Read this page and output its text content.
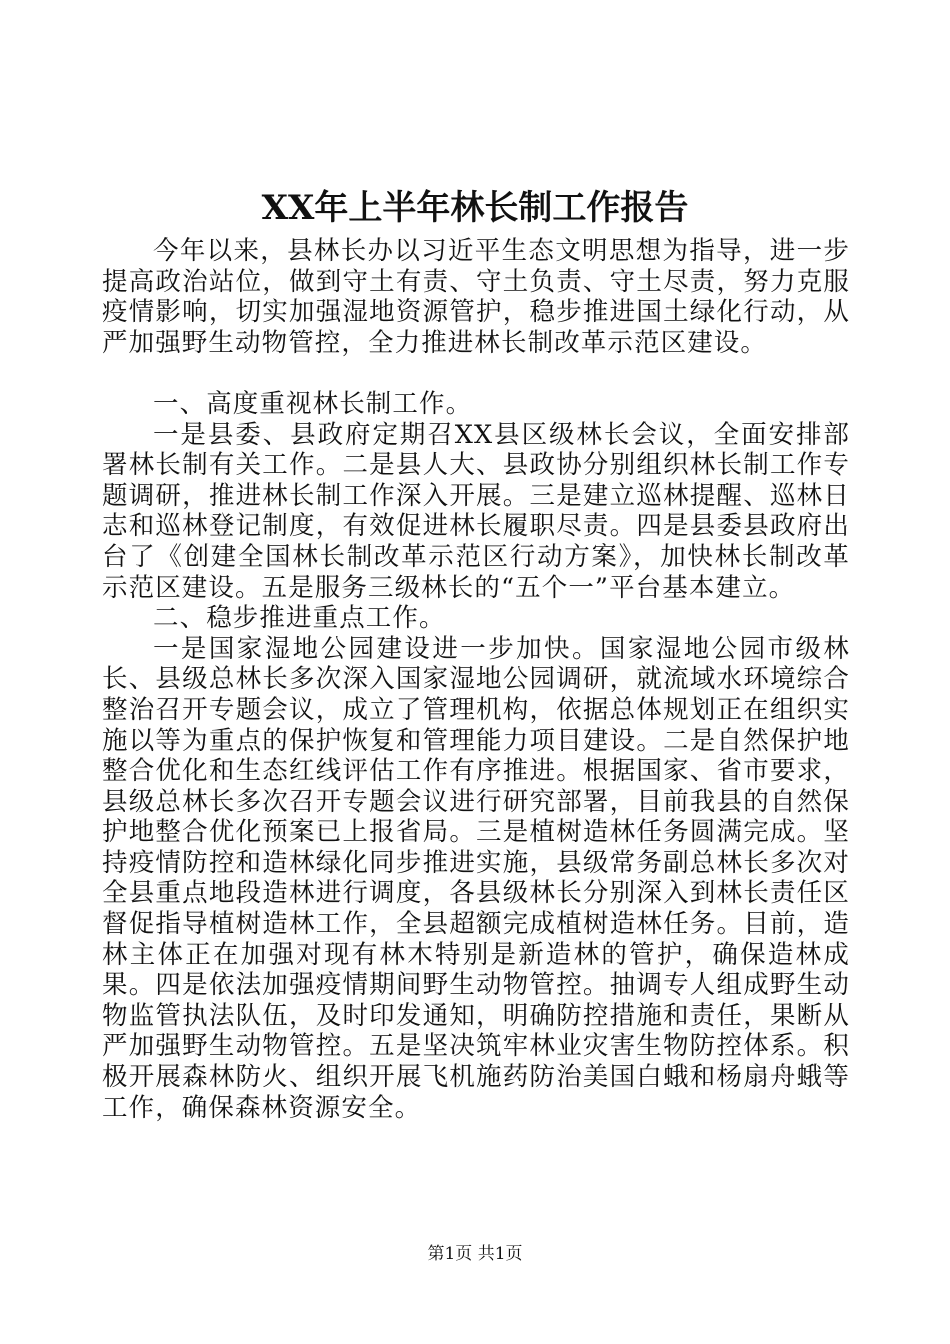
XX年上半年林长制工作报告

今年以来，县林长办以习近平生态文明思想为指导，进一步提高政治站位，做到守土有责、守土负责、守土尽责，努力克服疫情影响，切实加强湿地资源管护，稳步推进国土绿化行动，从严加强野生动物管控，全力推进林长制改革示范区建设。

一、高度重视林长制工作。

一是县委、县政府定期召XX县区级林长会议，全面安排部署林长制有关工作。二是县人大、县政协分别组织林长制工作专题调研，推进林长制工作深入开展。三是建立巡林提醒、巡林日志和巡林登记制度，有效促进林长履职尽责。四是县委县政府出台了《创建全国林长制改革示范区行动方案》，加快林长制改革示范区建设。五是服务三级林长的“五个一”平台基本建立。

二、稳步推进重点工作。

一是国家湿地公园建设进一步加快。国家湿地公园市级林长、县级总林长多次深入国家湿地公园调研，就流域水环境综合整治召开专题会议，成立了管理机构，依据总体规划正在组织实施以等为重点的保护恢复和管理能力项目建设。二是自然保护地整合优化和生态红线评估工作有序推进。根据国家、省市要求，县级总林长多次召开专题会议进行研究部署，目前我县的自然保护地整合优化预案已上报省局。三是植树造林任务圆满完成。坚持疫情防控和造林绿化同步推进实施，县级常务副总林长多次对全县重点地段造林进行调度，各县级林长分别深入到林长责任区督促指导植树造林工作，全县超额完成植树造林任务。目前，造林主体正在加强对现有林木特别是新造林的管护，确保造林成果。四是依法加强疫情期间野生动物管控。抽调专人组成野生动物监管执法队伍，及时印发通知，明确防控措施和责任，果断从严加强野生动物管控。五是坚决筑牢林业灾害生物防控体系。积极开展森林防火、组织开展飞机施药防治美国白蛾和杨扇舟蛾等工作，确保森林资源安全。

第1页 共1页
